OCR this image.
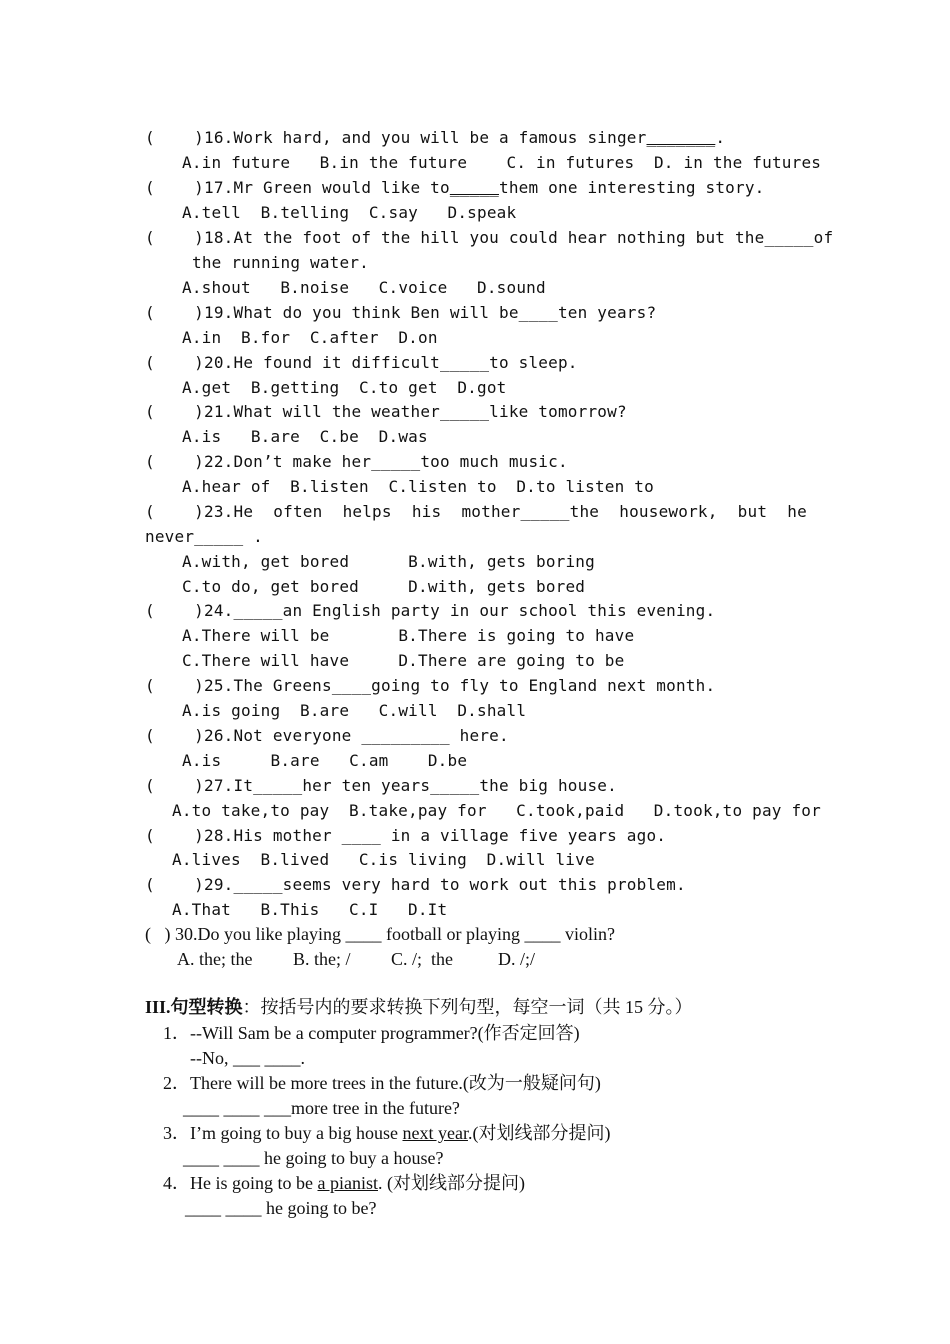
(    )16.Work hard, and you will be a famous singer_______.
A.in future   B.in the future    C. in futures  D. in the futures
(    )17.Mr Green would like to_____them one interesting story.
A.tell  B.telling  C.say   D.speak
(    )18.At the foot of the hill you could hear nothing but the_____of
the running water.
A.shout   B.noise   C.voice   D.sound
(    )19.What do you think Ben will be____ten years?
A.in  B.for  C.after  D.on
(    )20.He found it difficult_____to sleep.
A.get  B.getting  C.to get  D.got
(    )21.What will the weather_____like tomorrow?
A.is   B.are  C.be  D.was
(    )22.Don’t make her_____too much music.
A.hear of  B.listen  C.listen to  D.to listen to
(    )23.He often helps his mother_____the housework, but he
never_____ .
A.with, get bored      B.with, gets boring
C.to do, get bored     D.with, gets bored
(    )24._____an English party in our school this evening.
A.There will be       B.There is going to have
C.There will have     D.There are going to be
(    )25.The Greens____going to fly to England next month.
A.is going  B.are   C.will  D.shall
(    )26.Not everyone _________ here.
A.is     B.are   C.am    D.be
(    )27.It_____her ten years_____the big house.
A.to take,to pay  B.take,pay for   C.took,paid   D.took,to pay for
(    )28.His mother ____ in a village five years ago.
A.lives  B.lived   C.is living  D.will live
(    )29._____seems very hard to work out this problem.
A.That   B.This   C.I   D.It
(   ) 30.Do you like playing ____ football or playing ____ violin?
A. the; the         B. the; /         C. /;  the          D. /;/
III.句型转换：按括号内的要求转换下列句型，每空一词（共 15 分。）
1．--Will Sam be a computer programmer?(作否定回答)
--No, ___ ____.
2．There will be more trees in the future.(改为一般疑问句)
____ ____ ___more tree in the future?
3．I’m going to buy a big house next year.(对划线部分提问)
____ ____ he going to buy a house?
4．He is going to be a pianist. (对划线部分提问)
____ ____ he going to be?
